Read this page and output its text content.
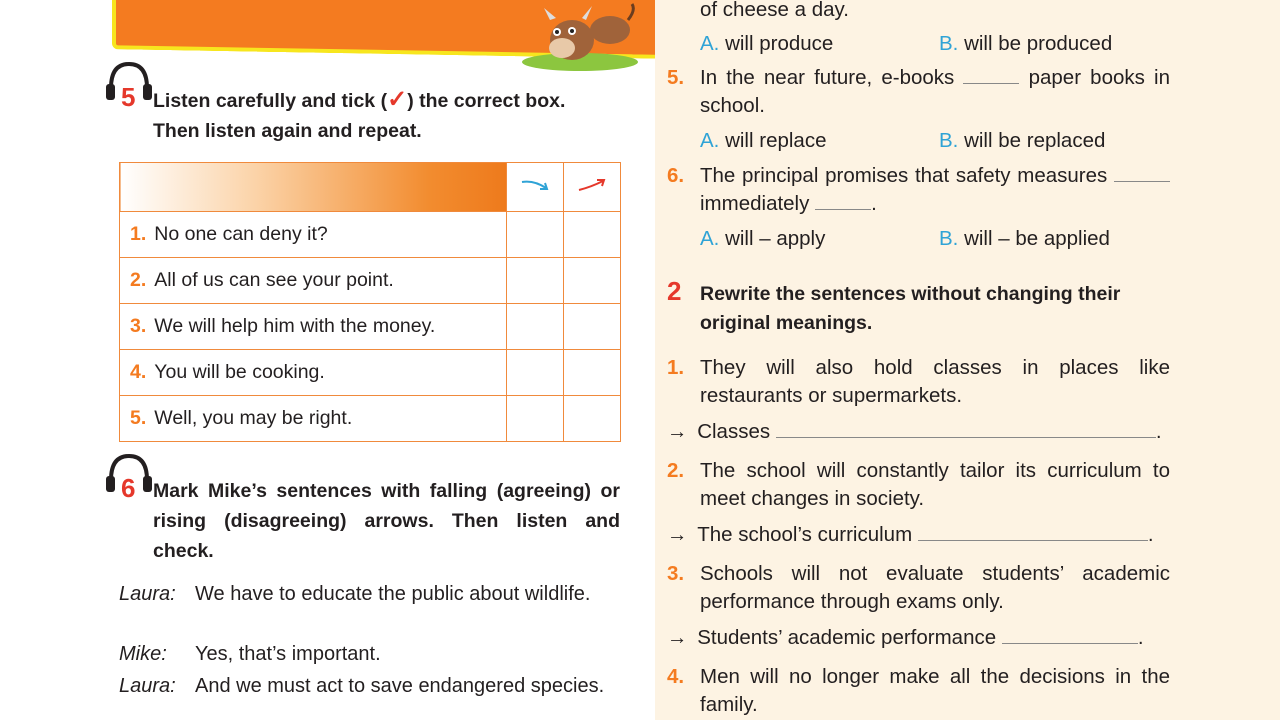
5 Listen carefully and tick (✓) the correct box.
Then listen again and repeat.

1. No one can deny it?		
2. All of us can see your point.		
3. We will help him with the money.		
4. You will be cooking.		
5. Well, you may be right.		
6 Mark Mike’s sentences with falling (agreeing) or rising (disagreeing) arrows. Then listen and check.
Laura: We have to educate the public about wildlife.
Mike: Yes, that’s important.
Laura: And we must act to save endangered species.
of cheese a day.
A. will produce	B. will be produced
5. In the near future, e-books	paper books in school.
A. will replace	B. will be replaced
6. The principal promises that safety measures  immediately	.
A. will – apply	B. will – be applied
2 Rewrite the sentences without changing their original meanings.
1. They will also hold classes in places like restaurants or supermarkets.
→ Classes	.
2. The school will constantly tailor its curriculum to meet changes in society.
→ The school’s curriculum	.
3. Schools will not evaluate students’ academic performance through exams only.
→ Students’ academic performance	.
4. Men will no longer make all the decisions in the family.
